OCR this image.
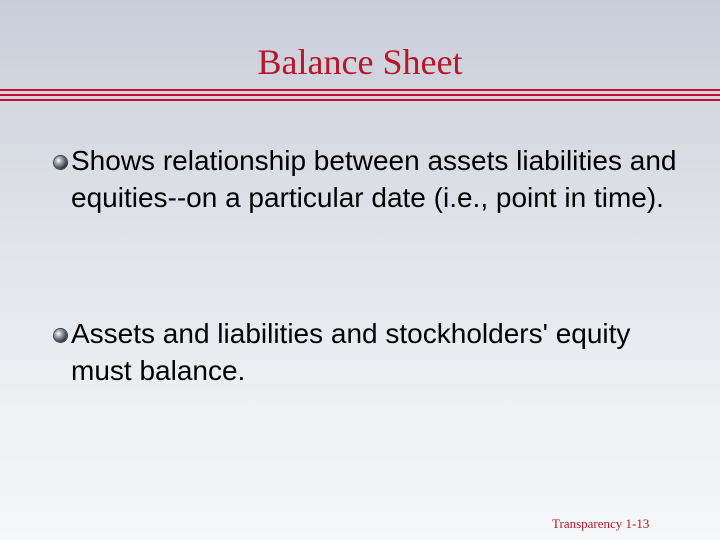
Balance Sheet
Shows relationship between assets liabilities and equities--on a particular date (i.e., point in time).
Assets and liabilities and stockholders' equity must balance.
Transparency 1-13
